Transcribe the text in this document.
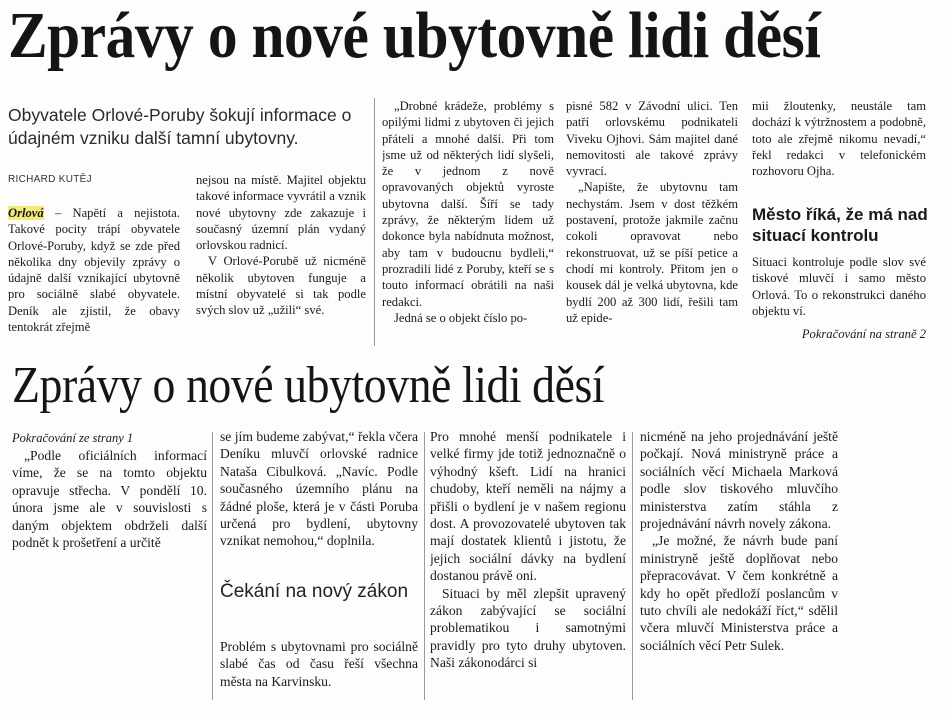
Zprávy o nové ubytovně lidi děsí
Obyvatele Orlové-Poruby šokují informace o údajném vzniku další tamní ubytovny.
RICHARD KUTĚJ

Orlová – Napětí a nejistota. Takové pocity trápí obyvatele Orlové-Poruby, když se zde před několika dny objevily zprávy o údajně další vznikající ubytovně pro sociálně slabé obyvatele. Deník ale zjistil, že obavy tentokrát zřejmě

nejsou na místě. Majitel objektu takové informace vyvrátil a vznik nové ubytovny zde zakazuje i současný územní plán vydaný orlovskou radnicí.

V Orlové-Porubě už nicméně několik ubytoven funguje a místní obyvatelé si tak podle svých slov už „užili“ své.

„Drobné krádeže, problémy s opilými lidmi z ubytoven či jejich přáteli a mnohé další. Při tom jsme už od některých lidí slyšeli, že v jednom z nově opravovaných objektů vyroste ubytovna další. Šíří se tady zprávy, že některým lidem už dokonce byla nabídnuta možnost, aby tam v budoucnu bydleli,“ prozradili lidé z Poruby, kteří se s touto informací obrátili na naši redakci.

Jedná se o objekt číslo po-

pisné 582 v Závodní ulici. Ten patří orlovskému podnikateli Viveku Ojhovi. Sám majitel dané nemovitosti ale takové zprávy vyvrací.

„Napište, že ubytovnu tam nechystám. Jsem v dost těžkém postavení, protože jakmile začnu cokoli opravovat nebo rekonstruovat, už se píší petice a chodí mi kontroly. Přitom jen o kousek dál je velká ubytovna, kde bydlí 200 až 300 lidí, řešili tam už epide-

mii žloutenky, neustále tam dochází k výtržnostem a podobně, toto ale zřejmě nikomu nevadí,“ řekl redakci v telefonickém rozhovoru Ojha.

Město říká, že má nad situací kontrolu

Situaci kontroluje podle slov své tiskové mluvčí i samo město Orlová. To o rekonstrukci daného objektu ví.

Pokračování na straně 2
Zprávy o nové ubytovně lidi děsí
Pokračování ze strany 1

„Podle oficiálních informací víme, že se na tomto objektu opravuje střecha. V pondělí 10. února jsme ale v souvislosti s daným objektem obdrželi další podnět k prošetření a určitě

se jím budeme zabývat,“ řekla včera Deníku mluvčí orlovské radnice Nataša Cibulková. „Navíc. Podle současného územního plánu na žádné ploše, která je v části Poruba určená pro bydlení, ubytovny vznikat nemohou,“ doplnila.

Čekání na nový zákon

Problém s ubytovnami pro sociálně slabé čas od času řeší všechna města na Karvinsku.

Pro mnohé menší podnikatele i velké firmy jde totiž jednoznačně o výhodný kšeft. Lidí na hranici chudoby, kteří neměli na nájmy a přišli o bydlení je v našem regionu dost. A provozovatelé ubytoven tak mají dostatek klientů i jistotu, že jejich sociální dávky na bydlení dostanou právě oni.

Situaci by měl zlepšit upravený zákon zabývající se sociální problematikou i samotnými pravidly pro tyto druhy ubytoven. Naši zákonodárci si

nicméně na jeho projednávání ještě počkají. Nová ministryně práce a sociálních věcí Michaela Marková podle slov tiskového mluvčího ministerstva zatím stáhla z projednávání návrh novely zákona.

„Je možné, že návrh bude paní ministryně ještě doplňovat nebo přepracovávat. V čem konkrétně a kdy ho opět předloží poslancům v tuto chvíli ale nedokáží říct,“ sdělil včera mluvčí Ministerstva práce a sociálních věcí Petr Sulek.
